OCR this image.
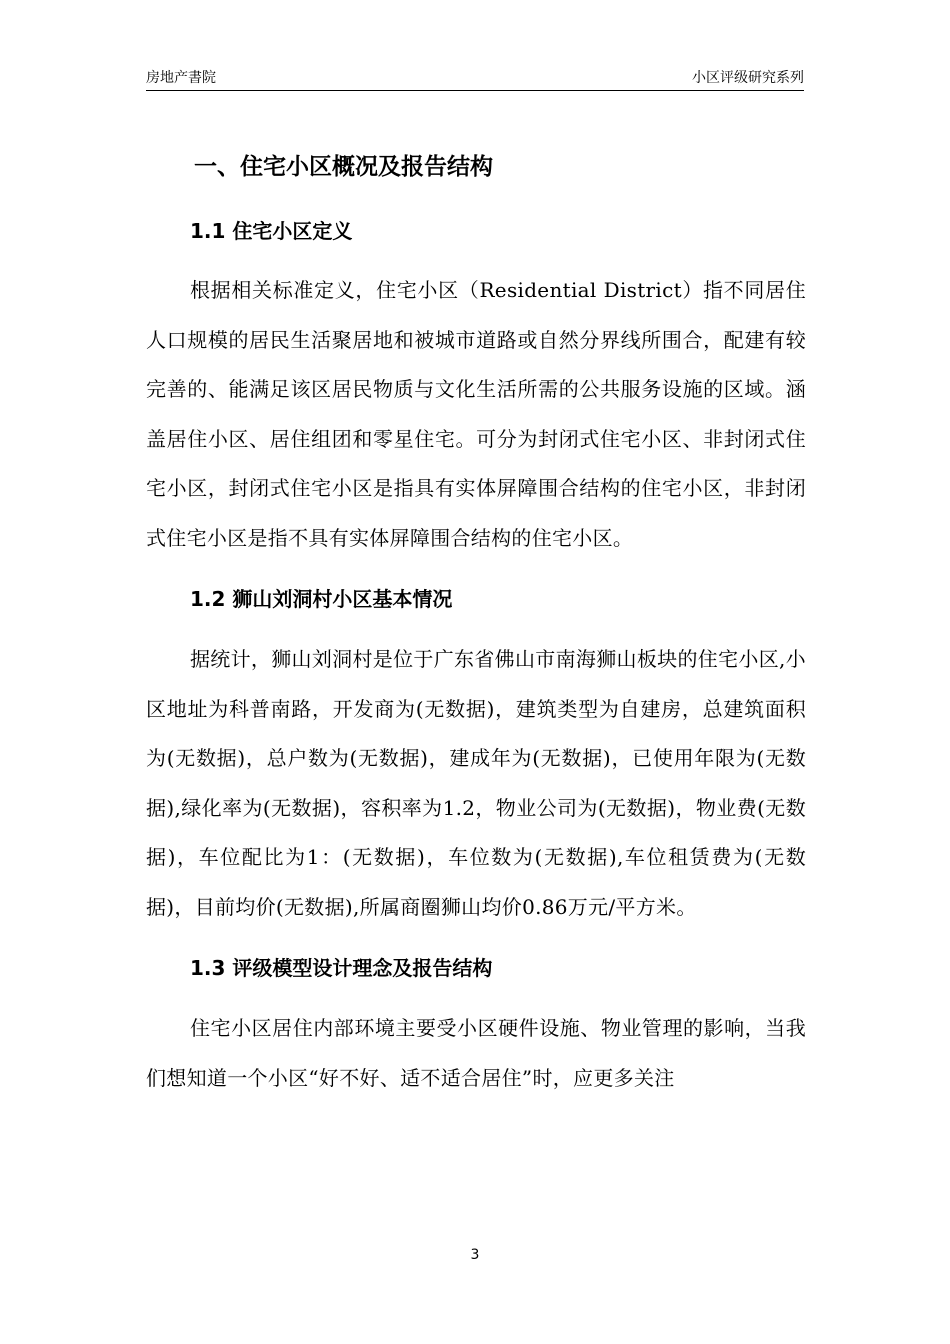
房地产書院	小区评级研究系列
一、住宅小区概况及报告结构
1.1 住宅小区定义

根据相关标准定义，住宅小区（Residential District）指不同居住人口规模的居民生活聚居地和被城市道路或自然分界线所围合，配建有较完善的、能满足该区居民物质与文化生活所需的公共服务设施的区域。涵盖居住小区、居住组团和零星住宅。可分为封闭式住宅小区、非封闭式住宅小区，封闭式住宅小区是指具有实体屏障围合结构的住宅小区，非封闭式住宅小区是指不具有实体屏障围合结构的住宅小区。

1.2 狮山刘洞村小区基本情况

据统计，狮山刘洞村是位于广东省佛山市南海狮山板块的住宅小区,小区地址为科普南路，开发商为(无数据)，建筑类型为自建房，总建筑面积为(无数据)，总户数为(无数据)，建成年为(无数据)，已使用年限为(无数据),绿化率为(无数据)，容积率为1.2，物业公司为(无数据)，物业费(无数据)，车位配比为1：(无数据)，车位数为(无数据),车位租赁费为(无数据)，目前均价(无数据),所属商圈狮山均价0.86万元/平方米。

1.3 评级模型设计理念及报告结构

住宅小区居住内部环境主要受小区硬件设施、物业管理的影响，当我们想知道一个小区“好不好、适不适合居住”时，应更多关注

3
